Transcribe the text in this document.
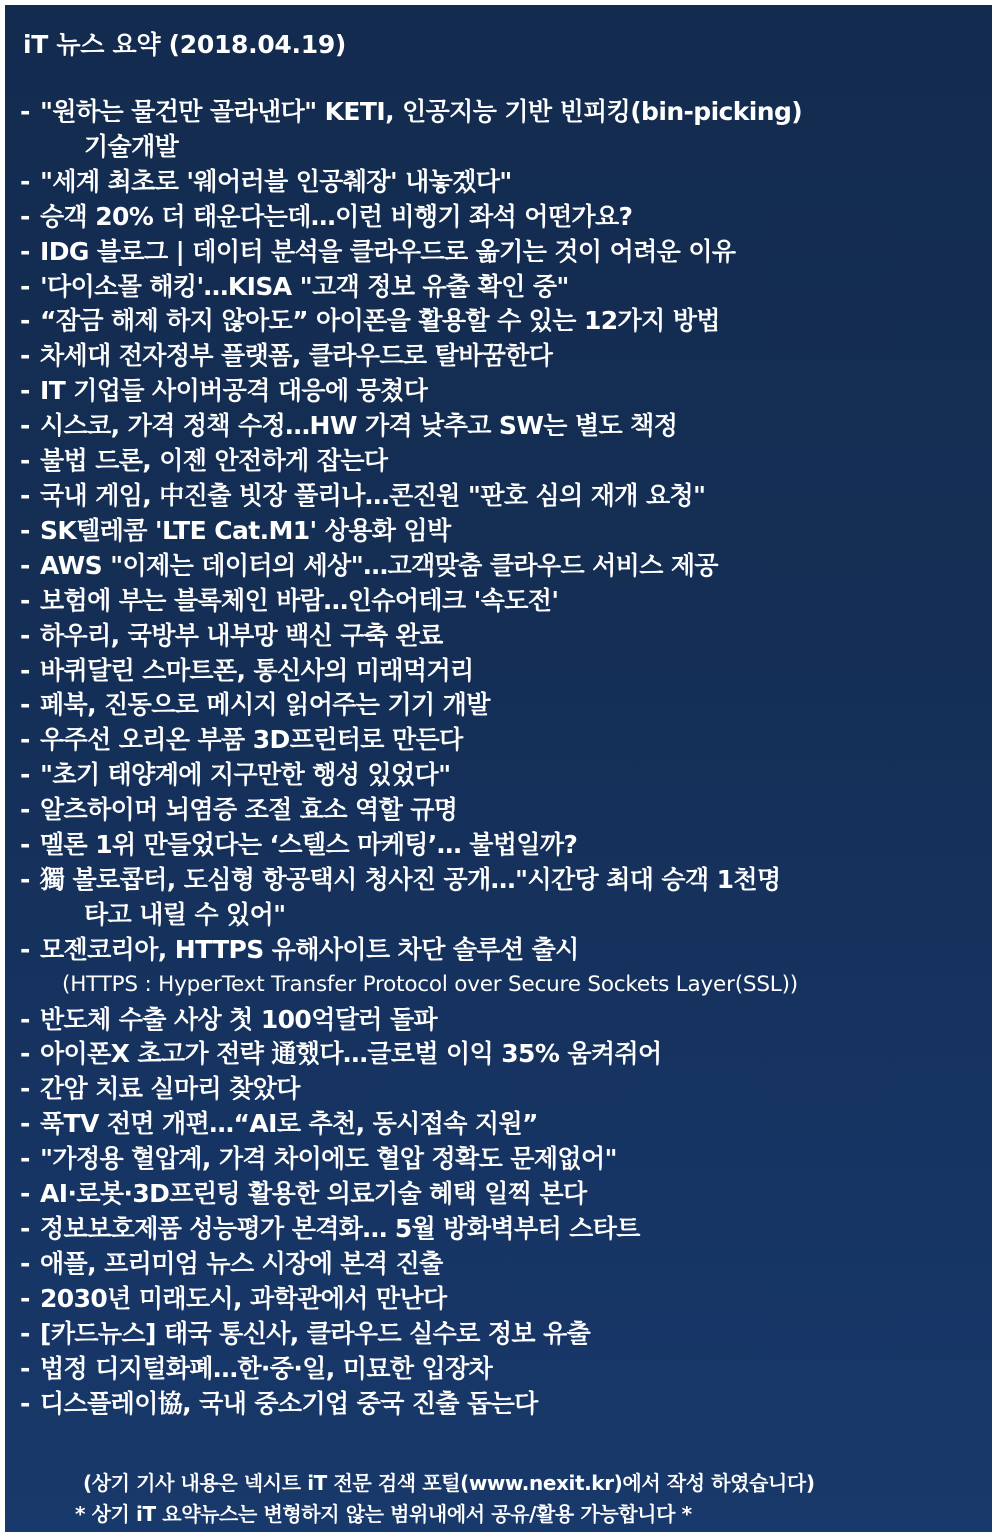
iT 뉴스 요약 (2018.04.19)
- "원하는 물건만 골라낸다" KETI, 인공지능 기반 빈피킹(bin-picking)
기술개발
- "세계 최초로 '웨어러블 인공췌장' 내놓겠다"
- 승객 20% 더 태운다는데…이런 비행기 좌석 어떤가요?
- IDG 블로그 | 데이터 분석을 클라우드로 옮기는 것이 어려운 이유
- '다이소몰 해킹'…KISA "고객 정보 유출 확인 중"
- “잠금 해제 하지 않아도” 아이폰을 활용할 수 있는 12가지 방법
- 차세대 전자정부 플랫폼, 클라우드로 탈바꿈한다
- IT 기업들 사이버공격 대응에 뭉쳤다
- 시스코, 가격 정책 수정…HW 가격 낮추고 SW는 별도 책정
- 불법 드론, 이젠 안전하게 잡는다
- 국내 게임, 中진출 빗장 풀리나…콘진원 "판호 심의 재개 요청"
- SK텔레콤 'LTE Cat.M1' 상용화 임박
- AWS "이제는 데이터의 세상"…고객맞춤 클라우드 서비스 제공
- 보험에 부는 블록체인 바람…인슈어테크 '속도전'
- 하우리, 국방부 내부망 백신 구축 완료
- 바퀴달린 스마트폰, 통신사의 미래먹거리
- 페북, 진동으로 메시지 읽어주는 기기 개발
- 우주선 오리온 부품 3D프린터로 만든다
- "초기 태양계에 지구만한 행성 있었다"
- 알츠하이머 뇌염증 조절 효소 역할 규명
- 멜론 1위 만들었다는 ‘스텔스 마케팅’… 불법일까?
- 獨 볼로콥터, 도심형 항공택시 청사진 공개…"시간당 최대 승객 1천명
타고 내릴 수 있어"
- 모젠코리아, HTTPS 유해사이트 차단 솔루션 출시
(HTTPS : HyperText Transfer Protocol over Secure Sockets Layer(SSL))
- 반도체 수출 사상 첫 100억달러 돌파
- 아이폰X 초고가 전략 通했다…글로벌 이익 35% 움켜쥐어
- 간암 치료 실마리 찾았다
- 푹TV 전면 개편…“AI로 추천, 동시접속 지원”
- "가정용 혈압계, 가격 차이에도 혈압 정확도 문제없어"
- AI·로봇·3D프린팅 활용한 의료기술 혜택 일찍 본다
- 정보보호제품 성능평가 본격화… 5월 방화벽부터 스타트
- 애플, 프리미엄 뉴스 시장에 본격 진출
- 2030년 미래도시, 과학관에서 만난다
- [카드뉴스] 태국 통신사, 클라우드 실수로 정보 유출
- 법정 디지털화폐…한·중·일, 미묘한 입장차
- 디스플레이協, 국내 중소기업 중국 진출 돕는다
(상기 기사 내용은 넥시트 iT 전문 검색 포털(www.nexit.kr)에서 작성 하였습니다)
* 상기 iT 요약뉴스는 변형하지 않는 범위내에서 공유/활용 가능합니다 *
